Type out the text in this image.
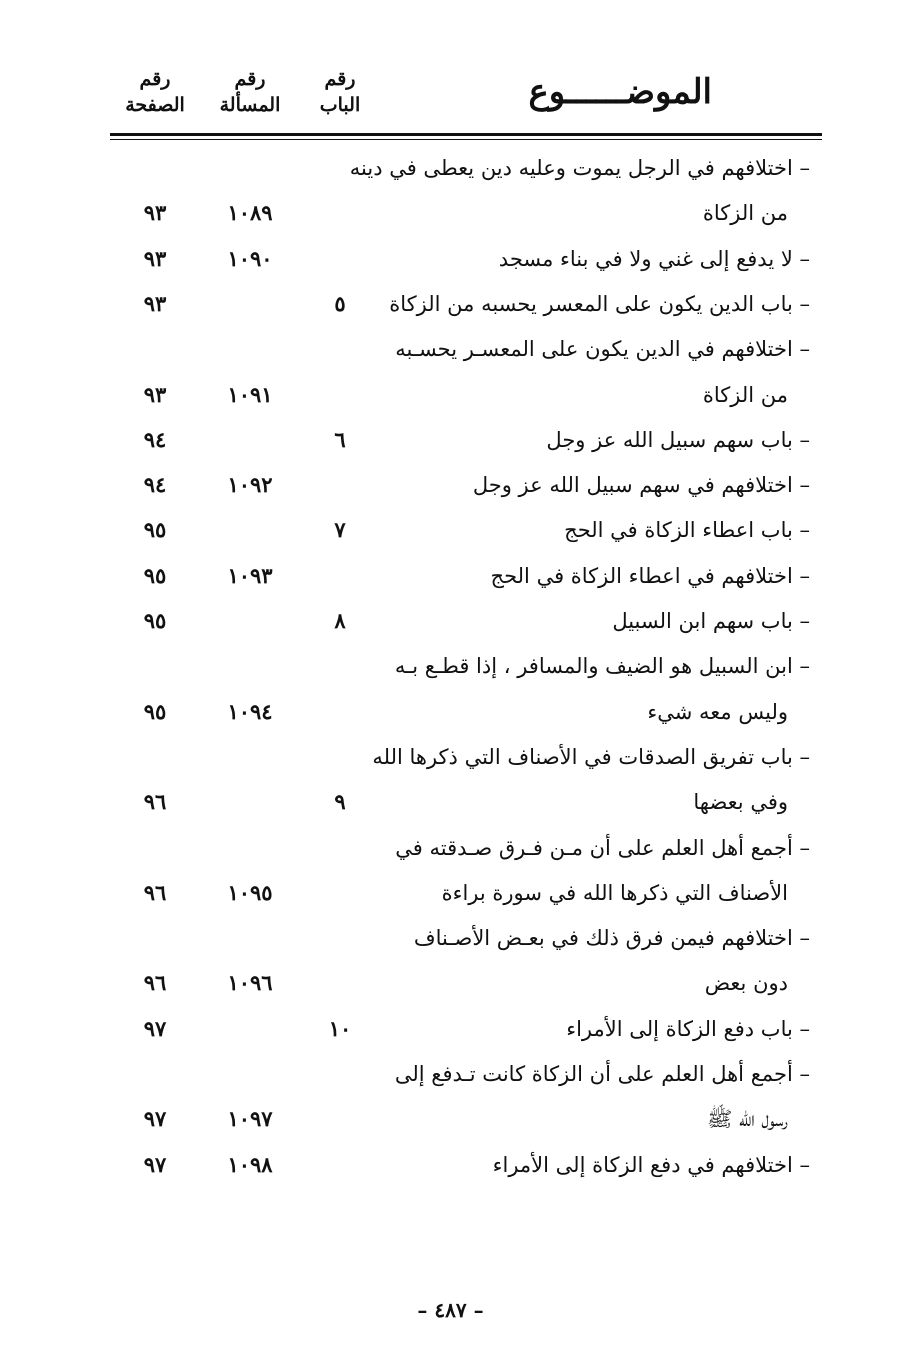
الموضــــــوع
رقم
الباب
رقم
المسألة
رقم
الصفحة
– اختلافهم في الرجل يموت وعليه دين يعطى في دينه
من الزكاة
١٠٨٩
٩٣
– لا يدفع إلى غني ولا في بناء مسجد
١٠٩٠
٩٣
– باب الدين يكون على المعسر يحسبه من الزكاة
٥
٩٣
– اختلافهم في الدين يكون على المعسـر يحسـبه
من الزكاة
١٠٩١
٩٣
– باب سهم سبيل الله عز وجل
٦
٩٤
– اختلافهم في سهم سبيل الله عز وجل
١٠٩٢
٩٤
– باب اعطاء الزكاة في الحج
٧
٩٥
– اختلافهم في اعطاء الزكاة في الحج
١٠٩٣
٩٥
– باب سهم ابن السبيل
٨
٩٥
– ابن السبيل هو الضيف والمسافر ، إذا قطـع بـه
وليس معه شيء
١٠٩٤
٩٥
– باب تفريق الصدقات في الأصناف التي ذكرها الله
وفي بعضها
٩
٩٦
– أجمع أهل العلم على أن مـن فـرق صـدقته في
الأصناف التي ذكرها الله في سورة براءة
١٠٩٥
٩٦
– اختلافهم فيمن فرق ذلك في بعـض الأصـناف
دون بعض
١٠٩٦
٩٦
– باب دفع الزكاة إلى الأمراء
١٠
٩٧
– أجمع أهل العلم على أن الزكاة كانت تـدفع إلى
رسول الله ﷺ
١٠٩٧
٩٧
– اختلافهم في دفع الزكاة إلى الأمراء
١٠٩٨
٩٧
– ٤٨٧ –
